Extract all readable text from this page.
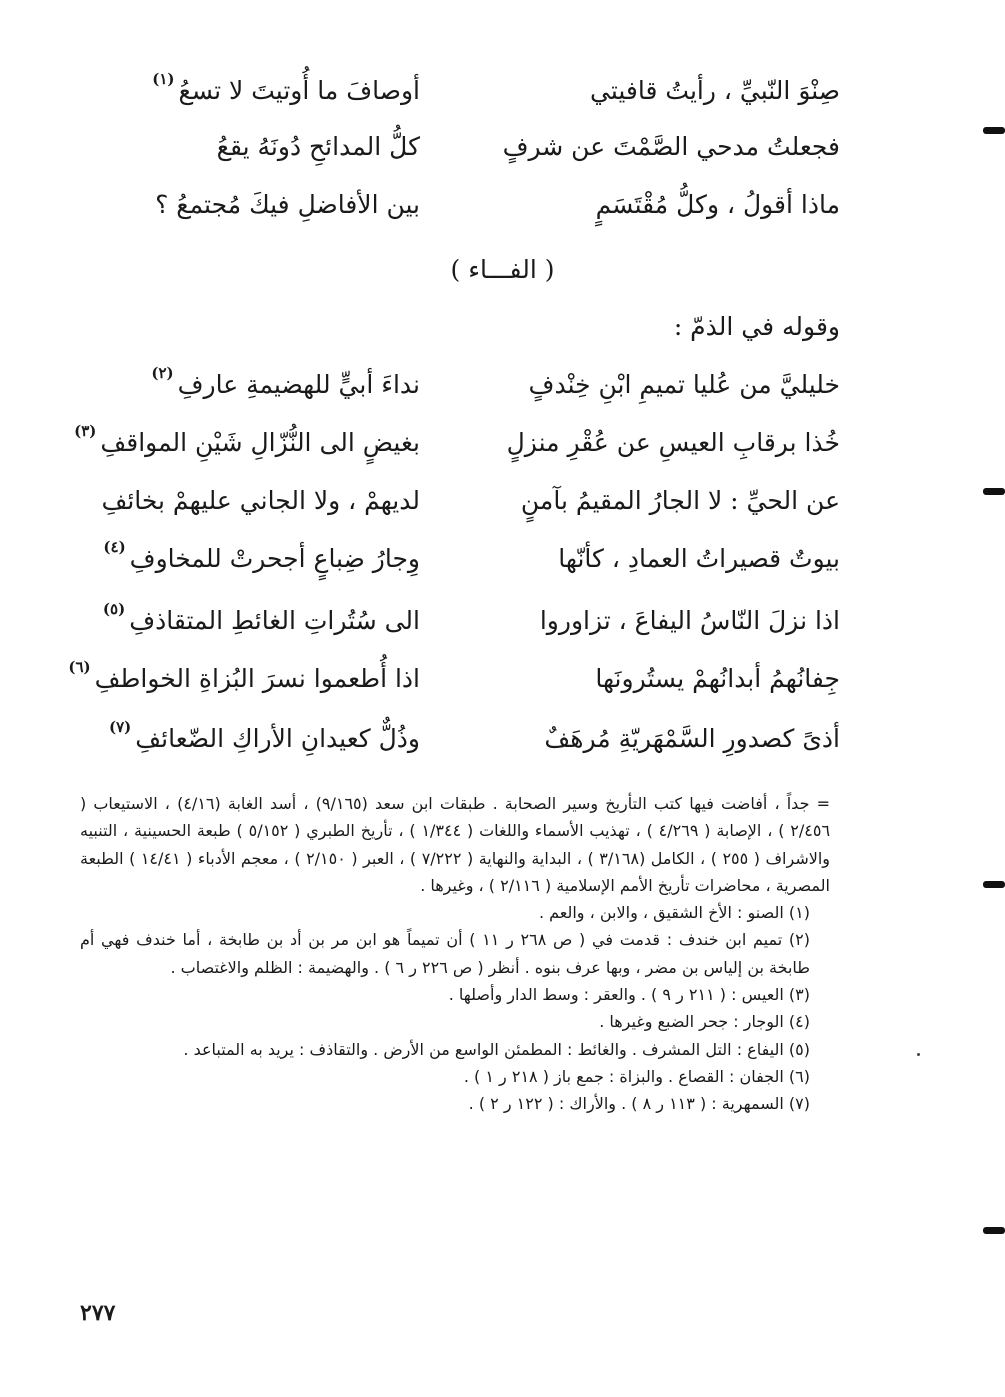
صِنْوَ النّبيِّ ، رأيتُ قافيتي
أوصافَ ما أُوتيتَ لا تسعُ
(١)
فجعلتُ مدحي الصَّمْتَ عن شرفٍ
كلُّ المدائحِ دُونَهُ يقعُ
ماذا أقولُ ، وكلُّ مُقْتَسَمٍ
بين الأفاضلِ فيكَ مُجتمعُ ؟
( الفـــاء )
وقوله في الذمّ :
خليليَّ من عُليا تميمِ ابْنِ خِنْدفٍ
نداءَ أبيٍّ للهضيمةِ عارفِ
(٢)
خُذا برقابِ العيسِ عن عُقْرِ منزلٍ
بغيضٍ الى النُّزّالِ شَيْنِ المواقفِ
(٣)
عن الحيِّ : لا الجارُ المقيمُ بآمنٍ
لديهمْ ، ولا الجاني عليهمْ بخائفِ
بيوتٌ قصيراتُ العمادِ ، كأنّها
وِجارُ ضِباعٍ أجحرتْ للمخاوفِ
(٤)
اذا نزلَ النّاسُ اليفاعَ ، تزاوروا
الى سُتُراتِ الغائطِ المتقاذفِ
(٥)
جِفانُهمُ أبدانُهمْ يستُرونَها
اذا أُطعموا نسرَ البُزاةِ الخواطفِ
(٦)
أذىً كصدورِ السَّمْهَريّةِ مُرهَفٌ
وذُلٌّ كعيدانِ الأراكِ الضّعائفِ
(٧)

= جداً ، أفاضت فيها كتب التأريخ وسير الصحابة . طبقات ابن سعد (٩/١٦٥) ، أسد الغابة (٤/١٦) ، الاستيعاب ( ٢/٤٥٦ ) ، الإصابة ( ٤/٢٦٩ ) ، تهذيب الأسماء واللغات ( ١/٣٤٤ ) ، تأريخ الطبري ( ٥/١٥٢ ) طبعة الحسينية ، التنبيه والاشراف ( ٢٥٥ ) ، الكامل (٣/١٦٨ ) ، البداية والنهاية ( ٧/٢٢٢ ) ، العبر ( ٢/١٥٠ ) ، معجم الأدباء ( ١٤/٤١ ) الطبعة المصرية ، محاضرات تأريخ الأمم الإسلامية ( ٢/١١٦ ) ، وغيرها .

(١) الصنو : الأخ الشقيق ، والابن ، والعم .

(٢) تميم ابن خندف : قدمت في ( ص ٢٦٨ ر ١١ ) أن تميماً هو ابن مر بن أد بن طابخة ، أما خندف فهي أم طابخة بن إلياس بن مضر ، وبها عرف بنوه . أنظر ( ص ٢٢٦ ر ٦ ) . والهضيمة : الظلم والاغتصاب .

(٣) العيس : ( ٢١١ ر ٩ ) . والعقر : وسط الدار وأصلها .

(٤) الوجار : جحر الضبع وغيرها .

(٥) اليفاع : التل المشرف . والغائط : المطمئن الواسع من الأرض . والتقاذف : يريد به المتباعد .

(٦) الجفان : القصاع . والبزاة : جمع باز ( ٢١٨ ر ١ ) .

(٧) السمهرية : ( ١١٣ ر ٨ ) . والأراك : ( ١٢٢ ر ٢ ) .

٢٧٧
